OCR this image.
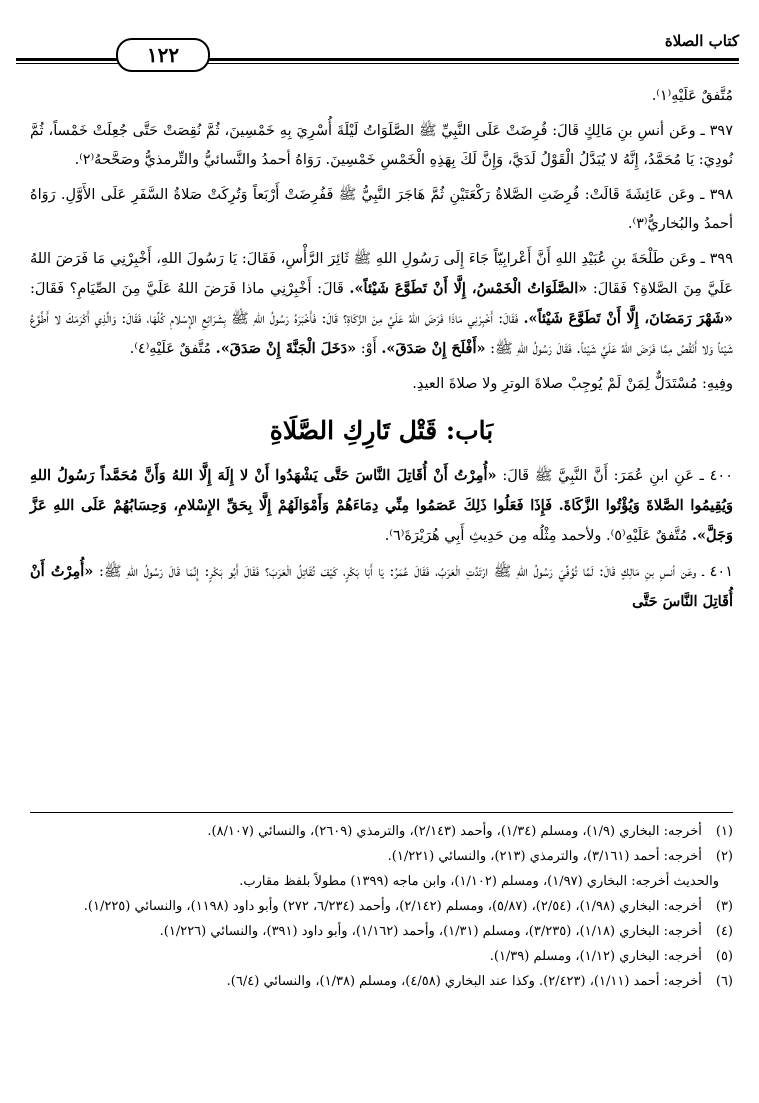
كتاب الصلاة
١٢٢

مُتَّفقٌ عَلَيْهِ⁽١⁾.

٣٩٧ ـ وعَن أنسِ بنِ مَالِكٍ قَالَ: فُرِضَتْ عَلَى النَّبِيِّ ﷺ الصَّلَوَاتُ لَيْلَةَ أُسْرِيَ بِهِ خَمْسِينَ، ثُمَّ نُقِصَتْ حَتَّى جُعِلَتْ خَمْساً، ثُمَّ نُودِيَ: يَا مُحَمَّدُ، إِنَّهُ لا يُبَدَّلُ الْقَوْلُ لَدَيَّ، وَإِنَّ لَكَ بِهَذِهِ الْخَمْسِ خَمْسِينَ. رَوَاهُ أحمدُ والنَّسائيُّ والتِّرمذيُّ وصَحَّحهُ⁽٢⁾.

٣٩٨ ـ وعَن عَائِشَةَ قَالَتْ: فُرِضَتِ الصَّلاةُ رَكْعَتَيْنِ ثُمَّ هَاجَرَ النَّبِيُّ ﷺ فَفُرِضَتْ أَرْبَعاً وَتُرِكَتْ صَلاةُ السَّفَرِ عَلَى الأَوَّلِ. رَوَاهُ أحمدُ والبُخاريُّ⁽٣⁾.

٣٩٩ ـ وعَن طَلْحَةَ بنِ عُبَيْدِ اللهِ أَنَّ أَعْرابِيّاً جَاءَ إِلَى رَسُولِ اللهِ ﷺ ثَائِرَ الرَّأْسِ، فَقَالَ: يَا رَسُولَ اللهِ، أَخْبِرْنِي مَا فَرَضَ اللهُ عَلَيَّ مِنَ الصَّلاةِ؟ فَقَالَ: «الصَّلَوَاتُ الْخَمْسُ، إِلَّا أَنْ تَطَوَّعَ شَيْئاً». قَالَ: أَخْبِرْنِي ماذا فَرَضَ اللهُ عَلَيَّ مِنَ الصِّيَامِ؟ فَقَالَ: «شَهْرَ رَمَضَانَ، إِلَّا أَنْ تَطَوَّعَ شَيْئاً». فَقَالَ: أَخْبِرْنِي مَاذَا فَرَضَ اللهُ عَلَيَّ مِنَ الزَّكَاةِ؟ قَالَ: فَأَخْبَرَهُ رَسُولُ اللهِ ﷺ بِشَرَائِعِ الإِسْلامِ كُلِّهَا، فَقَالَ: وَالَّذِي أَكْرَمَكَ لا أَطَّوَّعُ شَيْئاً وَلا أَنْقُصُ مِمَّا فَرَضَ اللهُ عَلَيَّ شَيْئاً. فَقَالَ رَسُولُ اللهِ ﷺ: «أَفْلَحَ إِنْ صَدَقَ». أَوْ: «دَخَلَ الْجَنَّةَ إِنْ صَدَقَ». مُتَّفقٌ عَلَيْهِ⁽٤⁾.

وفِيهِ: مُسْتَدَلٌّ لِمَنْ لَمْ يُوجِبْ صلاةَ الوترِ ولا صلاةَ العيدِ.

بَاب: قَتْل تَارِكِ الصَّلَاةِ

٤٠٠ ـ عَنِ ابنِ عُمَرَ: أَنَّ النَّبِيَّ ﷺ قَالَ: «أُمِرْتُ أَنْ أُقَاتِلَ النَّاسَ حَتَّى يَشْهَدُوا أَنْ لا إِلَهَ إِلَّا اللهُ وَأَنَّ مُحَمَّداً رَسُولُ اللهِ وَيُقِيمُوا الصَّلاةَ وَيُؤْتُوا الزَّكَاةَ. فَإِذَا فَعَلُوا ذَلِكَ عَصَمُوا مِنِّي دِمَاءَهُمْ وَأَمْوَالَهُمْ إِلَّا بِحَقِّ الإِسْلامِ، وَحِسَابُهُمْ عَلَى اللهِ عَزَّ وَجَلَّ». مُتَّفقٌ عَلَيْهِ⁽٥⁾. ولأحمد مِثْلُه مِن حَدِيثِ أَبِي هُرَيْرَةَ⁽٦⁾.

٤٠١ ـ وعَن أنسِ بنِ مَالِكٍ قَالَ: لَمَّا تُوُفِّيَ رَسُولُ اللهِ ﷺ ارْتَدَّتِ الْعَرَبُ، فَقَالَ عُمَرُ: يَا أَبَا بَكْرٍ، كَيْفَ تُقَاتِلُ الْعَرَبَ؟ فَقَالَ أَبُو بَكْرٍ: إِنَّمَا قَالَ رَسُولُ اللهِ ﷺ: «أُمِرْتُ أَنْ أُقَاتِلَ النَّاسَ حَتَّى

(١)أخرجه: البخاري (١/٩)، ومسلم (١/٣٤)، وأحمد (٢/١٤٣)، والترمذي (٢٦٠٩)، والنسائي (٨/١٠٧).

(٢)أخرجه: أحمد (٣/١٦١)، والترمذي (٢١٣)، والنسائي (١/٢٢١).

والحديث أخرجه: البخاري (١/٩٧)، ومسلم (١/١٠٢)، وابن ماجه (١٣٩٩) مطولاً بلفظ مقارب.

(٣)أخرجه: البخاري (١/٩٨)، (٢/٥٤)، (٥/٨٧)، ومسلم (٢/١٤٢)، وأحمد (٦/٢٣٤، ٢٧٢) وأبو داود (١١٩٨)، والنسائي (١/٢٢٥).

(٤)أخرجه: البخاري (١/١٨)، (٣/٢٣٥)، ومسلم (١/٣١)، وأحمد (١/١٦٢)، وأبو داود (٣٩١)، والنسائي (١/٢٢٦).

(٥)أخرجه: البخاري (١/١٢)، ومسلم (١/٣٩).

(٦)أخرجه: أحمد (١/١١)، (٢/٤٢٣). وكذا عند البخاري (٤/٥٨)، ومسلم (١/٣٨)، والنسائي (٦/٤).
